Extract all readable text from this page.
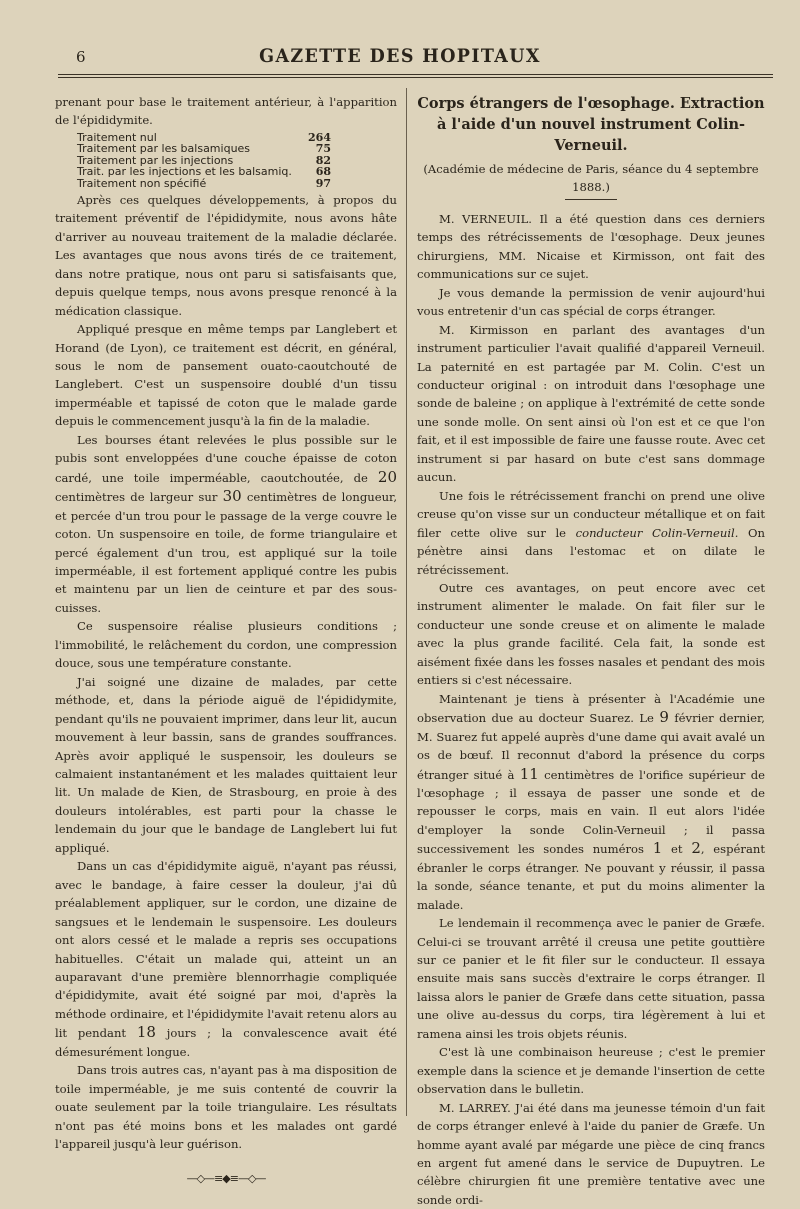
6	GAZETTE DES HOPITAUX

prenant pour base le traitement antérieur, à l'apparition de l'épididymite.

Traitement nul	264
Traitement par les balsamiques	75
Traitement par les injections	82
Trait. par les injections et les balsamiq. 68
Traitement non spécifié	97

Après ces quelques développements, à propos du traitement préventif de l'épididymite, nous avons hâte d'arriver au nouveau traitement de la maladie déclarée. Les avantages que nous avons tirés de ce traitement, dans notre pratique, nous ont paru si satisfaisants que, depuis quelque temps, nous avons presque renoncé à la médication classique.

Appliqué presque en même temps par Langlebert et Horand (de Lyon), ce traitement est décrit, en général, sous le nom de pansement ouato-caoutchouté de Langlebert. C'est un suspensoire doublé d'un tissu imperméable et tapissé de coton que le malade garde depuis le commencement jusqu'à la fin de la maladie.

Les bourses étant relevées le plus possible sur le pubis sont enveloppées d'une couche épaisse de coton cardé, une toile imperméable, caoutchoutée, de 20 centimètres de largeur sur 30 centimètres de longueur, et percée d'un trou pour le passage de la verge couvre le coton. Un suspensoire en toile, de forme triangulaire et percé également d'un trou, est appliqué sur la toile imperméable, il est fortement appliqué contre les pubis et maintenu par un lien de ceinture et par des sous-cuisses.

Ce suspensoire réalise plusieurs conditions ; l'immobilité, le relâchement du cordon, une compression douce, sous une température constante.

J'ai soigné une dizaine de malades, par cette méthode, et, dans la période aiguë de l'épididymite, pendant qu'ils ne pouvaient imprimer, dans leur lit, aucun mouvement à leur bassin, sans de grandes souffrances. Après avoir appliqué le suspensoir, les douleurs se calmaient instantanément et les malades quittaient leur lit. Un malade de Kien, de Strasbourg, en proie à des douleurs intolérables, est parti pour la chasse le lendemain du jour que le bandage de Langlebert lui fut appliqué.

Dans un cas d'épididymite aiguë, n'ayant pas réussi, avec le bandage, à faire cesser la douleur, j'ai dû préalablement appliquer, sur le cordon, une dizaine de sangsues et le lendemain le suspensoire. Les douleurs ont alors cessé et le malade a repris ses occupations habituelles. C'était un malade qui, atteint un an auparavant d'une première blennorrhagie compliquée d'épididymite, avait été soigné par moi, d'après la méthode ordinaire, et l'épididymite l'avait retenu alors au lit pendant 18 jours ; la convalescence avait été démesurément longue.

Dans trois autres cas, n'ayant pas à ma disposition de toile imperméable, je me suis contenté de couvrir la ouate seulement par la toile triangulaire. Les résultats n'ont pas été moins bons et les malades ont gardé l'appareil jusqu'à leur guérison.

—◇—≡◆≡—◇—
Corps étrangers de l'œsophage. Extraction à l'aide d'un nouvel instrument Colin-Verneuil.
(Académie de médecine de Paris, séance du 4 septembre 1888.)

M. VERNEUIL. Il a été question dans ces derniers temps des rétrécissements de l'œsophage. Deux jeunes chirurgiens, MM. Nicaise et Kirmisson, ont fait des communications sur ce sujet.

Je vous demande la permission de venir aujourd'hui vous entretenir d'un cas spécial de corps étranger.

M. Kirmisson en parlant des avantages d'un instrument particulier l'avait qualifié d'appareil Verneuil. La paternité en est partagée par M. Colin. C'est un conducteur original : on introduit dans l'œsophage une sonde de baleine ; on applique à l'extrémité de cette sonde une sonde molle. On sent ainsi où l'on est et ce que l'on fait, et il est impossible de faire une fausse route. Avec cet instrument si par hasard on bute c'est sans dommage aucun.

Une fois le rétrécissement franchi on prend une olive creuse qu'on visse sur un conducteur métallique et on fait filer cette olive sur le conducteur Colin-Verneuil. On pénètre ainsi dans l'estomac et on dilate le rétrécissement.

Outre ces avantages, on peut encore avec cet instrument alimenter le malade. On fait filer sur le conducteur une sonde creuse et on alimente le malade avec la plus grande facilité. Cela fait, la sonde est aisément fixée dans les fosses nasales et pendant des mois entiers si c'est nécessaire.

Maintenant je tiens à présenter à l'Académie une observation due au docteur Suarez. Le 9 février dernier, M. Suarez fut appelé auprès d'une dame qui avait avalé un os de bœuf. Il reconnut d'abord la présence du corps étranger situé à 11 centimètres de l'orifice supérieur de l'œsophage ; il essaya de passer une sonde et de repousser le corps, mais en vain. Il eut alors l'idée d'employer la sonde Colin-Verneuil ; il passa successivement les sondes numéros 1 et 2, espérant ébranler le corps étranger. Ne pouvant y réussir, il passa la sonde, séance tenante, et put du moins alimenter la malade.

Le lendemain il recommença avec le panier de Græfe. Celui-ci se trouvant arrêté il creusa une petite gouttière sur ce panier et le fit filer sur le conducteur. Il essaya ensuite mais sans succès d'extraire le corps étranger. Il laissa alors le panier de Græfe dans cette situation, passa une olive au-dessus du corps, tira légèrement à lui et ramena ainsi les trois objets réunis.

C'est là une combinaison heureuse ; c'est le premier exemple dans la science et je demande l'insertion de cette observation dans le bulletin.

M. LARREY. J'ai été dans ma jeunesse témoin d'un fait de corps étranger enlevé à l'aide du panier de Græfe. Un homme ayant avalé par mégarde une pièce de cinq francs en argent fut amené dans le service de Dupuytren. Le célèbre chirurgien fit une première tentative avec une sonde ordi-
